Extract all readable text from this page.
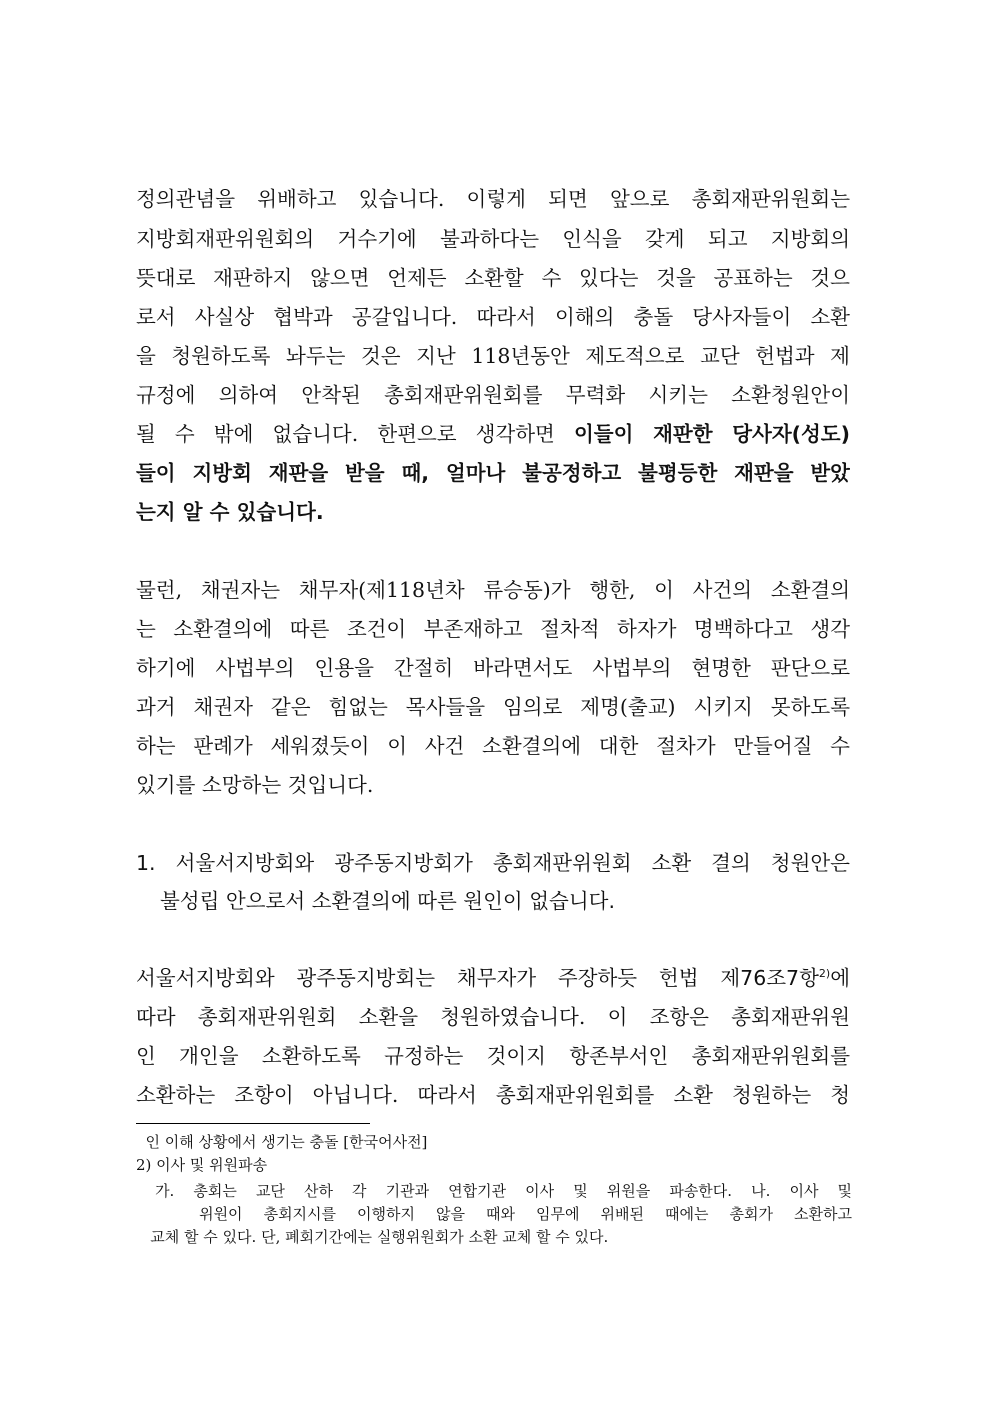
정의관념을 위배하고 있습니다. 이렇게 되면 앞으로 총회재판위원회는
지방회재판위원회의 거수기에 불과하다는 인식을 갖게 되고 지방회의
뜻대로 재판하지 않으면 언제든 소환할 수 있다는 것을 공표하는 것으
로서 사실상 협박과 공갈입니다. 따라서 이해의 충돌 당사자들이 소환
을 청원하도록 놔두는 것은 지난 118년동안 제도적으로 교단 헌법과 제
규정에 의하여 안착된 총회재판위원회를 무력화 시키는 소환청원안이
될 수 밖에 없습니다. 한편으로 생각하면 이들이 재판한 당사자(성도)
들이 지방회 재판을 받을 때, 얼마나 불공정하고 불평등한 재판을 받았
는지 알 수 있습니다.
물런, 채권자는 채무자(제118년차 류승동)가 행한, 이 사건의 소환결의
는 소환결의에 따른 조건이 부존재하고 절차적 하자가 명백하다고 생각
하기에 사법부의 인용을 간절히 바라면서도 사법부의 현명한 판단으로
과거 채권자 같은 힘없는 목사들을 임의로 제명(출교) 시키지 못하도록
하는 판례가 세워졌듯이 이 사건 소환결의에 대한 절차가 만들어질 수
있기를 소망하는 것입니다.
1. 서울서지방회와 광주동지방회가 총회재판위원회 소환 결의 청원안은
불성립 안으로서 소환결의에 따른 원인이 없습니다.
서울서지방회와 광주동지방회는 채무자가 주장하듯 헌법 제76조7항$^{2)}$에
따라 총회재판위원회 소환을 청원하였습니다. 이 조항은 총회재판위원
인 개인을 소환하도록 규정하는 것이지 항존부서인 총회재판위원회를
소환하는 조항이 아닙니다. 따라서 총회재판위원회를 소환 청원하는 청
인 이해 상황에서 생기는 충돌 [한국어사전]
2) 이사 및 위원파송
가. 총회는 교단 산하 각 기관과 연합기관 이사 및 위원을 파송한다. 나. 이사 및
위원이 총회지시를 이행하지 않을 때와 임무에 위배된 때에는 총회가 소환하고
교체 할 수 있다. 단, 폐회기간에는 실행위원회가 소환 교체 할 수 있다.
